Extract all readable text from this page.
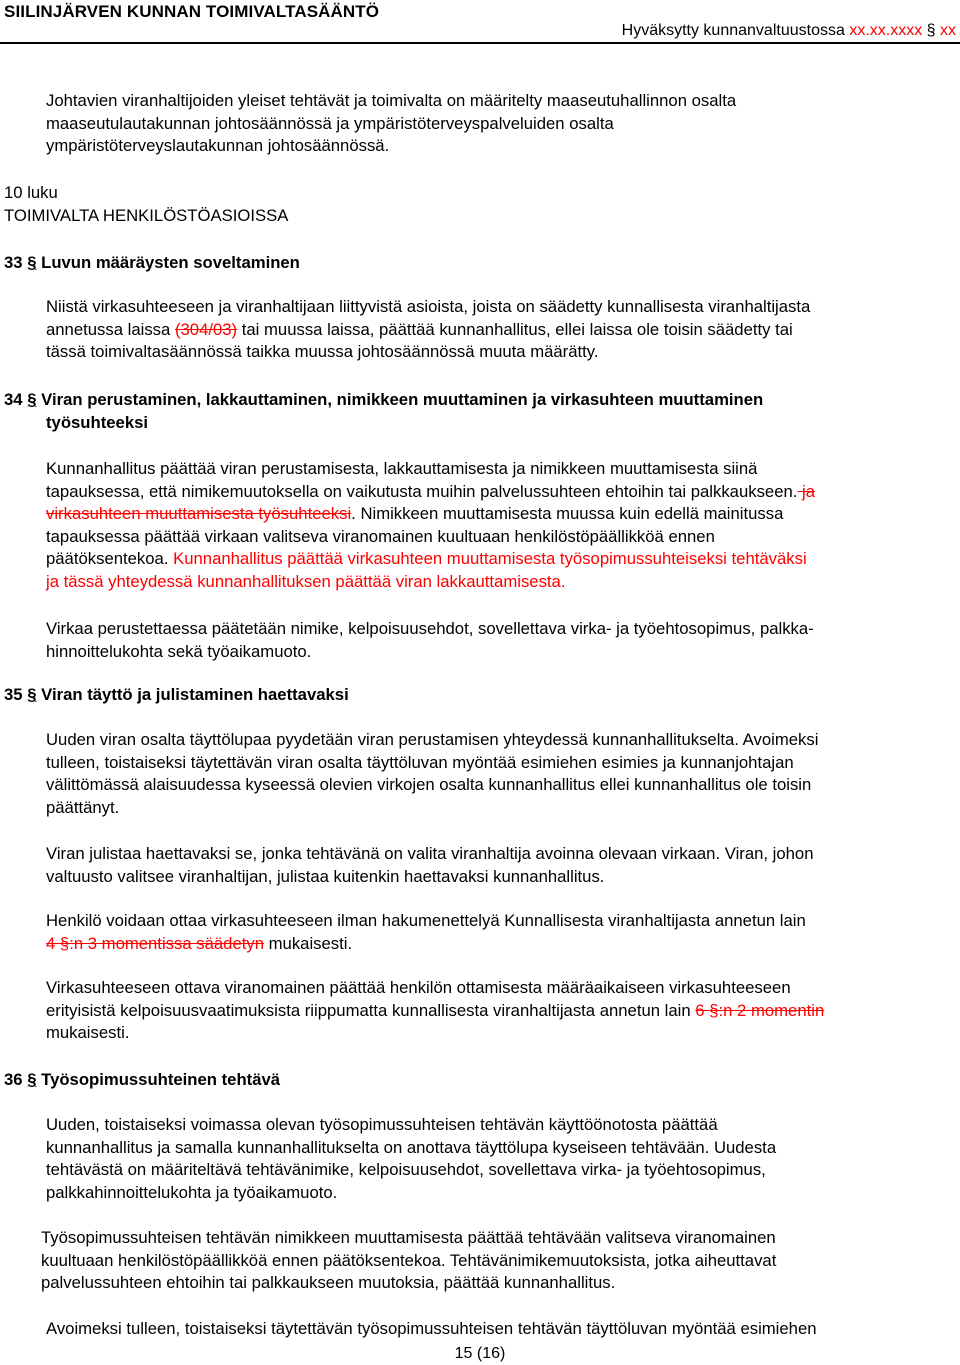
SIILINJÄRVEN KUNNAN TOIMIVALTASÄÄNTÖ
Hyväksytty kunnanvaltuustossa xx.xx.xxxx § xx
Johtavien viranhaltijoiden yleiset tehtävät ja toimivalta on määritelty maaseutuhallinnon osalta
maaseutulautakunnan johtosäännössä ja ympäristöterveyspalveluiden osalta
ympäristöterveyslautakunnan johtosäännössä.
10 luku
TOIMIVALTA HENKILÖSTÖASIOISSA
33 § Luvun määräysten soveltaminen
Niistä virkasuhteeseen ja viranhaltijaan liittyvistä asioista, joista on säädetty kunnallisesta viranhaltijasta
annetussa laissa (304/03) tai muussa laissa, päättää kunnanhallitus, ellei laissa ole toisin säädetty tai
tässä toimivaltasäännössä taikka muussa johtosäännössä muuta määrätty.
34 § Viran perustaminen, lakkauttaminen, nimikkeen muuttaminen ja virkasuhteen muuttaminen
työsuhteeksi
Kunnanhallitus päättää viran perustamisesta, lakkauttamisesta ja nimikkeen muuttamisesta siinä
tapauksessa, että nimikemuutoksella on vaikutusta muihin palvelussuhteen ehtoihin tai palkkaukseen. ja
virkasuhteen muuttamisesta työsuhteeksi. Nimikkeen muuttamisesta muussa kuin edellä mainitussa
tapauksessa päättää virkaan valitseva viranomainen kuultuaan henkilöstöpäällikköä ennen
päätöksentekoa. Kunnanhallitus päättää virkasuhteen muuttamisesta työsopimussuhteiseksi tehtäväksi
ja tässä yhteydessä kunnanhallituksen päättää viran lakkauttamisesta.
Virkaa perustettaessa päätetään nimike, kelpoisuusehdot, sovellettava virka- ja työehtosopimus, palkka-
hinnoittelukohta sekä työaikamuoto.
35 § Viran täyttö ja julistaminen haettavaksi
Uuden viran osalta täyttölupaa pyydetään viran perustamisen yhteydessä kunnanhallitukselta. Avoimeksi
tulleen, toistaiseksi täytettävän viran osalta täyttöluvan myöntää esimiehen esimies ja kunnanjohtajan
välittömässä alaisuudessa kyseessä olevien virkojen osalta kunnanhallitus ellei kunnanhallitus ole toisin
päättänyt.
Viran julistaa haettavaksi se, jonka tehtävänä on valita viranhaltija avoinna olevaan virkaan. Viran, johon
valtuusto valitsee viranhaltijan, julistaa kuitenkin haettavaksi kunnanhallitus.
Henkilö voidaan ottaa virkasuhteeseen ilman hakumenettelyä Kunnallisesta viranhaltijasta annetun lain
4 §:n 3 momentissa säädetyn mukaisesti.
Virkasuhteeseen ottava viranomainen päättää henkilön ottamisesta määräaikaiseen virkasuhteeseen
erityisistä kelpoisuusvaatimuksista riippumatta kunnallisesta viranhaltijasta annetun lain 6 §:n 2 momentin
mukaisesti.
36 § Työsopimussuhteinen tehtävä
Uuden, toistaiseksi voimassa olevan työsopimussuhteisen tehtävän käyttöönotosta päättää
kunnanhallitus ja samalla kunnanhallitukselta on anottava täyttölupa kyseiseen tehtävään. Uudesta
tehtävästä on määriteltävä tehtävänimike, kelpoisuusehdot, sovellettava virka- ja työehtosopimus,
palkkahinnoittelukohta ja työaikamuoto.
Työsopimussuhteisen tehtävän nimikkeen muuttamisesta päättää tehtävään valitseva viranomainen
kuultuaan henkilöstöpäällikköä ennen päätöksentekoa. Tehtävänimikemuutoksista, jotka aiheuttavat
palvelussuhteen ehtoihin tai palkkaukseen muutoksia, päättää kunnanhallitus.
Avoimeksi tulleen, toistaiseksi täytettävän työsopimussuhteisen tehtävän täyttöluvan myöntää esimiehen
15 (16)
